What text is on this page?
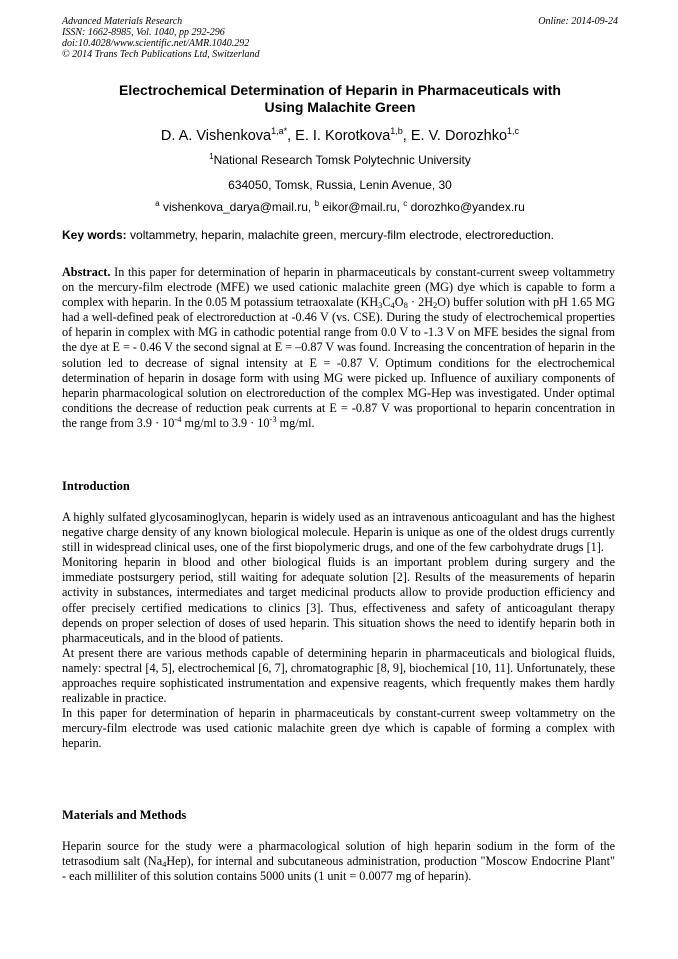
Advanced Materials Research
ISSN: 1662-8985, Vol. 1040, pp 292-296
doi:10.4028/www.scientific.net/AMR.1040.292
© 2014 Trans Tech Publications Ltd, Switzerland
Online: 2014-09-24
Electrochemical Determination of Heparin in Pharmaceuticals with
Using Malachite Green
D. A. Vishenkova$^{1,a*}$, E. I. Korotkova$^{1,b}$, E. V. Dorozhko$^{1,c}$
$^1$National Research Tomsk Polytechnic University
634050, Tomsk, Russia, Lenin Avenue, 30
$^a$ vishenkova_darya@mail.ru, $^b$ eikor@mail.ru, $^c$ dorozhko@yandex.ru
Key words: voltammetry, heparin, malachite green, mercury-film electrode, electroreduction.

Abstract. In this paper for determination of heparin in pharmaceuticals by constant-current sweep voltammetry on the mercury-film electrode (MFE) we used cationic malachite green (MG) dye which is capable to form a complex with heparin. In the 0.05 M potassium tetraoxalate $(KH_3C_4O_8 \cdot 2H_2O)$ buffer solution with pH 1.65 MG had a well-defined peak of electroreduction at -0.46 V (vs. CSE). During the study of electrochemical properties of heparin in complex with MG in cathodic potential range from 0.0 V to -1.3 V on MFE besides the signal from the dye at E = - 0.46 V the second signal at E = –0.87 V was found. Increasing the concentration of heparin in the solution led to decrease of signal intensity at E = -0.87 V. Optimum conditions for the electrochemical determination of heparin in dosage form with using MG were picked up. Influence of auxiliary components of heparin pharmacological solution on electroreduction of the complex MG-Hep was investigated. Under optimal conditions the decrease of reduction peak currents at E = -0.87 V was proportional to heparin concentration in the range from $3.9 \cdot 10^{-4}$ mg/ml to $3.9 \cdot 10^{-3}$ mg/ml.

Introduction

A highly sulfated glycosaminoglycan, heparin is widely used as an intravenous anticoagulant and has the highest negative charge density of any known biological molecule. Heparin is unique as one of the oldest drugs currently still in widespread clinical uses, one of the first biopolymeric drugs, and one of the few carbohydrate drugs [1].

Monitoring heparin in blood and other biological fluids is an important problem during surgery and the immediate postsurgery period, still waiting for adequate solution [2]. Results of the measurements of heparin activity in substances, intermediates and target medicinal products allow to provide production efficiency and offer precisely certified medications to clinics [3]. Thus, effectiveness and safety of anticoagulant therapy depends on proper selection of doses of used heparin. This situation shows the need to identify heparin both in pharmaceuticals, and in the blood of patients.

At present there are various methods capable of determining heparin in pharmaceuticals and biological fluids, namely: spectral [4, 5], electrochemical [6, 7], chromatographic [8, 9], biochemical [10, 11]. Unfortunately, these approaches require sophisticated instrumentation and expensive reagents, which frequently makes them hardly realizable in practice.

In this paper for determination of heparin in pharmaceuticals by constant-current sweep voltammetry on the mercury-film electrode was used cationic malachite green dye which is capable of forming a complex with heparin.

Materials and Methods

Heparin source for the study were a pharmacological solution of high heparin sodium in the form of the tetrasodium salt $(Na_4Hep)$, for internal and subcutaneous administration, production "Moscow Endocrine Plant" - each milliliter of this solution contains 5000 units (1 unit = 0.0077 mg of heparin).
